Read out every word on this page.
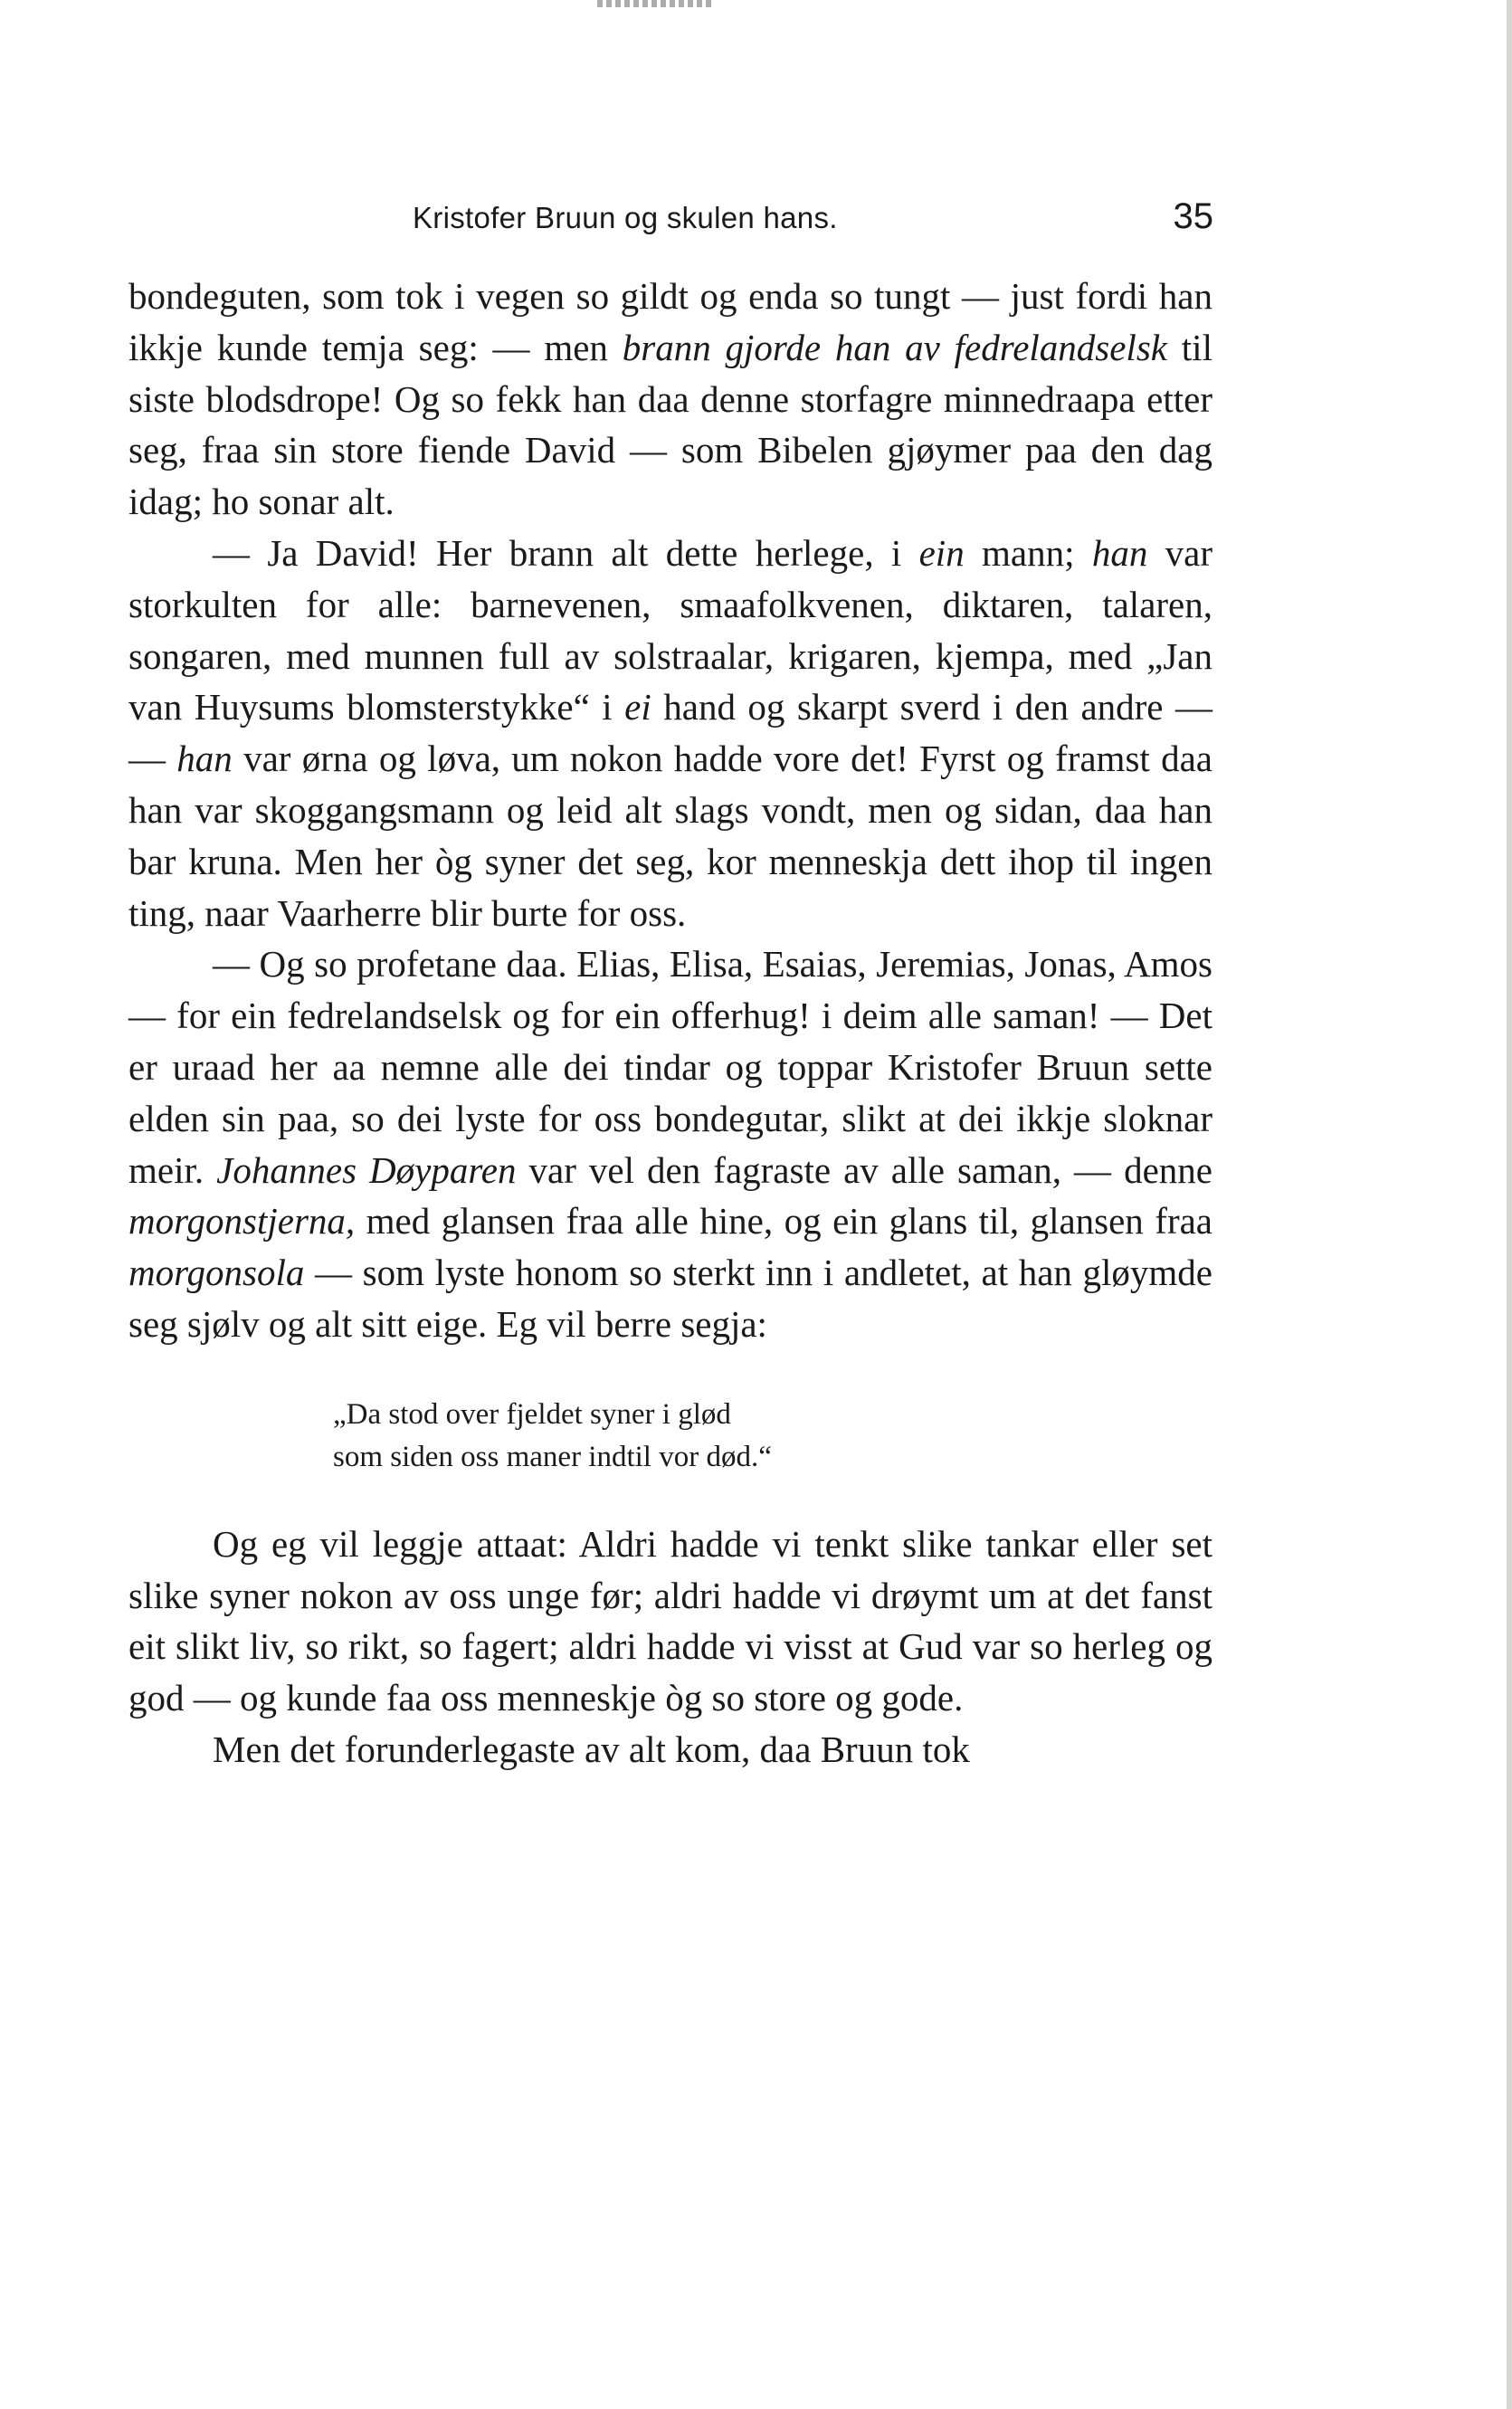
Kristofer Bruun og skulen hans.	35

bondeguten, som tok i vegen so gildt og enda so tungt — just fordi han ikkje kunde temja seg: — men brann gjorde han av fedrelandselsk til siste blodsdrope! Og so fekk han daa denne storfagre minnedraapa etter seg, fraa sin store fiende David — som Bibelen gjøymer paa den dag idag; ho sonar alt.

— Ja David! Her brann alt dette herlege, i ein mann; han var storkulten for alle: barnevenen, smaafolkvenen, diktaren, talaren, songaren, med munnen full av solstraalar, krigaren, kjempa, med „Jan van Huysums blomsterstykke“ i ei hand og skarpt sverd i den andre — — han var ørna og løva, um nokon hadde vore det! Fyrst og framst daa han var skoggangsmann og leid alt slags vondt, men og sidan, daa han bar kruna. Men her òg syner det seg, kor menneskja dett ihop til ingen ting, naar Vaarherre blir burte for oss.

— Og so profetane daa. Elias, Elisa, Esaias, Jeremias, Jonas, Amos — for ein fedrelandselsk og for ein offerhug! i deim alle saman! — Det er uraad her aa nemne alle dei tindar og toppar Kristofer Bruun sette elden sin paa, so dei lyste for oss bondegutar, slikt at dei ikkje sloknar meir. Johannes Døyparen var vel den fagraste av alle saman, — denne morgonstjerna, med glansen fraa alle hine, og ein glans til, glansen fraa morgonsola — som lyste honom so sterkt inn i andletet, at han gløymde seg sjølv og alt sitt eige. Eg vil berre segja:

„Da stod over fjeldet syner i glød
som siden oss maner indtil vor død.“

Og eg vil leggje attaat: Aldri hadde vi tenkt slike tankar eller set slike syner nokon av oss unge før; aldri hadde vi drøymt um at det fanst eit slikt liv, so rikt, so fagert; aldri hadde vi visst at Gud var so herleg og god — og kunde faa oss menneskje òg so store og gode.

Men det forunderlegaste av alt kom, daa Bruun tok
